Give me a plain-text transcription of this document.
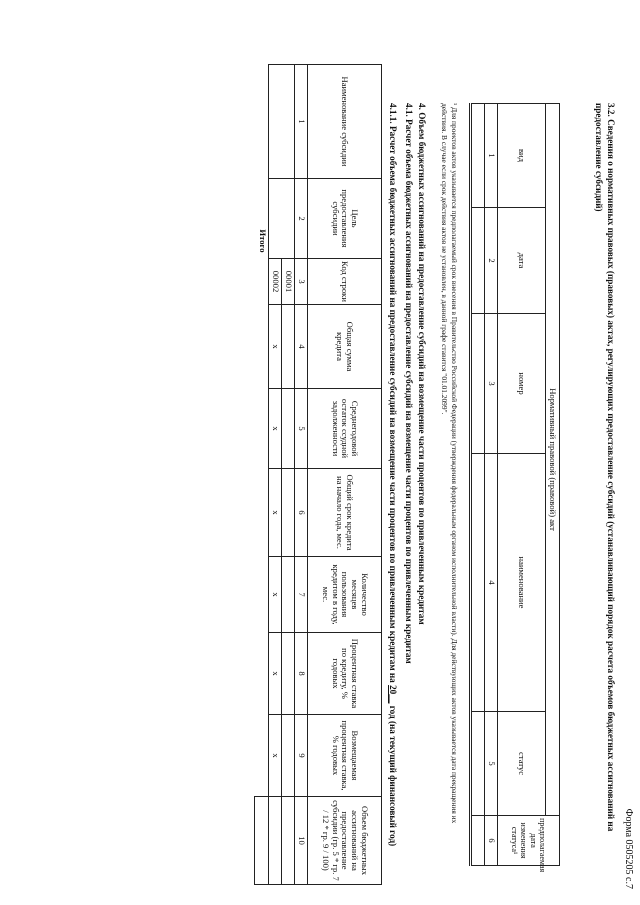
Форма 0505205 с.7
3.2. Сведения о нормативных правовых (правовых) актах, регулирующих предоставление субсидий (устанавливающий порядок расчета объемов бюджетных ассигнований на
предоставление субсидий)
Нормативный правовой (правовой) акт					предполагаемая дата изменения статуса¹
вид	дата	номер	наименование	статус	
1	2	3	4	5	6

¹ Для проектов актов указывается предполагаемый срок внесения в Правительство Российской Федерации (утверждения федеральным органом исполнительной власти). Для действующих актов указывается дата прекращения их
действия. В случае если срок действия актов не установлен, в данной графе ставится "01.01.2099".
4. Объем бюджетных ассигнований на предоставление субсидий на возмещение части процентов по привлеченным кредитам
4.1. Расчет объема бюджетных ассигнований на предоставление субсидий на возмещение части процентов по привлеченным кредитам
4.1.1. Расчет объема бюджетных ассигнований на предоставление субсидий на возмещение части процентов по привлеченным кредитам на 20__ год (на текущий финансовый год)
Наименование субсидии	Цель предоставления субсидии	Код строки	Общая сумма кредита	Среднегодовой остаток ссудной задолженности	Общий срок кредита на начало года, мес.	Количество месяцев пользования кредитом в году, мес.	Процентная ставка по кредиту, % годовых	Возмещаемая процентная ставка, % годовых	Объем бюджетных ассигнований на предоставление субсидии (гр. 5 * гр. 7 / 12 * гр. 9 / 100)
1	2	3	4	5	6	7	8	9	10
		00001							
		00002	х	х	х	х	х	х	
Итого									
